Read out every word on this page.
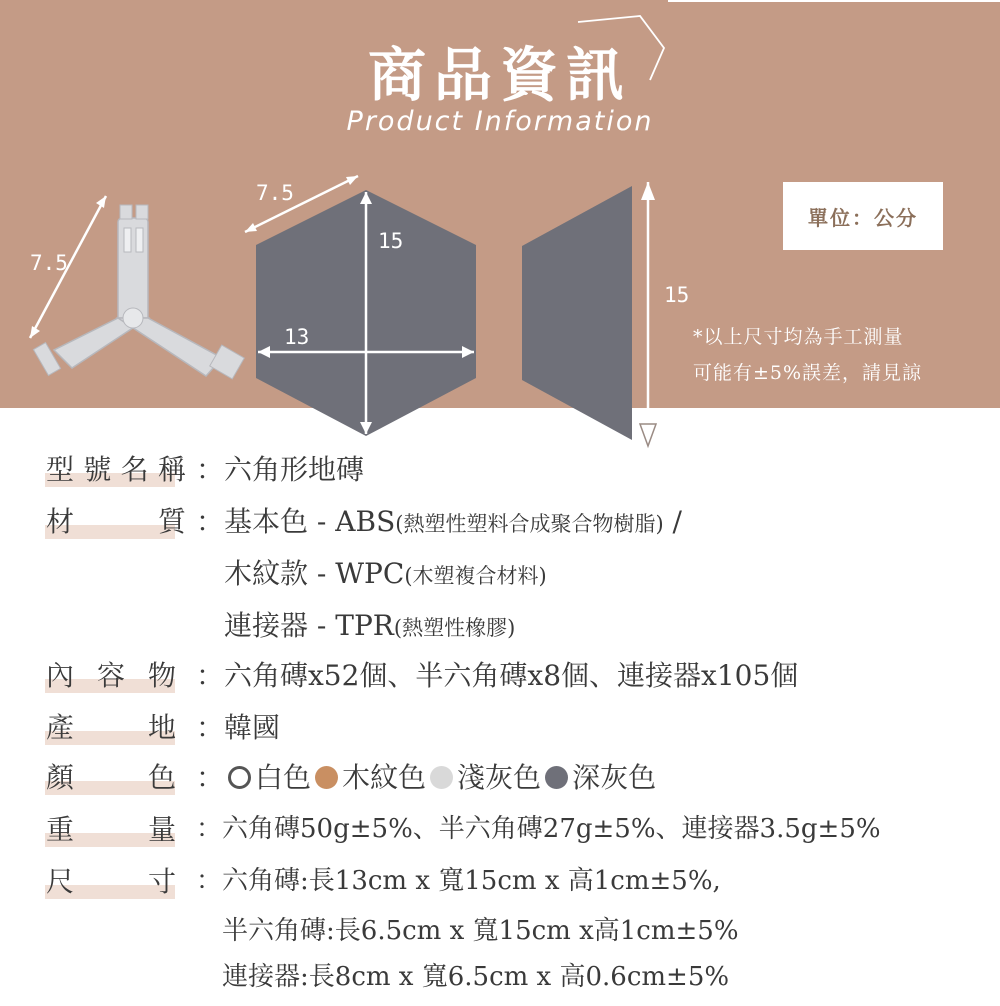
商品資訊
Product Information
7.5
7.5
15
13
15
單位：公分
*以上尺寸均為手工測量
可能有±5%誤差，請見諒
型 號 名 稱 ：六角形地磚
材	質 ：基本色 - ABS(熱塑性塑料合成聚合物樹脂) /
木紋款 - WPC(木塑複合材料)
連接器 - TPR(熱塑性橡膠)
內 容 物 ：六角磚x52個、半六角磚x8個、連接器x105個
產	地 ：韓國
顏	色 ： 白色 木紋色 淺灰色 深灰色
重	量 ：六角磚50g±5%、半六角磚27g±5%、連接器3.5g±5%
尺	寸 ：六角磚:長13cm x 寬15cm x 高1cm±5%,
半六角磚:長6.5cm x 寬15cm x高1cm±5%
連接器:長8cm x 寬6.5cm x 高0.6cm±5%
